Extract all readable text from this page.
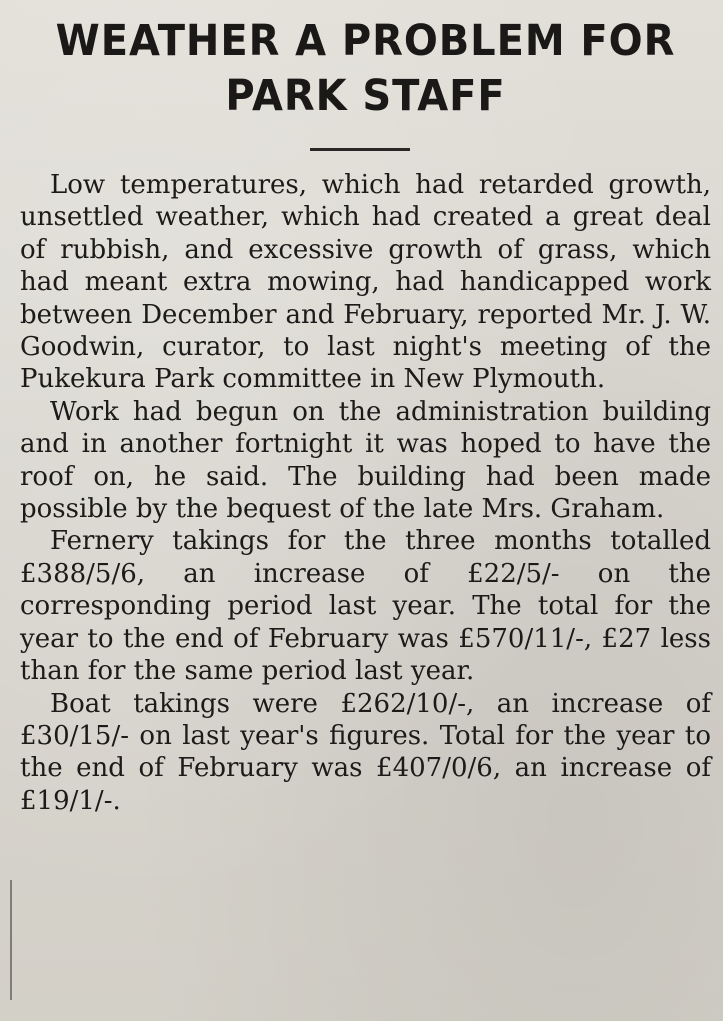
WEATHER A PROBLEM FOR PARK STAFF

Low temperatures, which had retarded growth, unsettled weather, which had created a great deal of rubbish, and excessive growth of grass, which had meant extra mowing, had handicapped work between December and February, reported Mr. J. W. Goodwin, curator, to last night's meeting of the Pukekura Park committee in New Plymouth.

Work had begun on the administration building and in another fortnight it was hoped to have the roof on, he said. The building had been made possible by the bequest of the late Mrs. Graham.

Fernery takings for the three months totalled £388/5/6, an increase of £22/5/- on the corresponding period last year. The total for the year to the end of February was £570/11/-, £27 less than for the same period last year.

Boat takings were £262/10/-, an increase of £30/15/- on last year's figures. Total for the year to the end of February was £407/0/6, an increase of £19/1/-.
